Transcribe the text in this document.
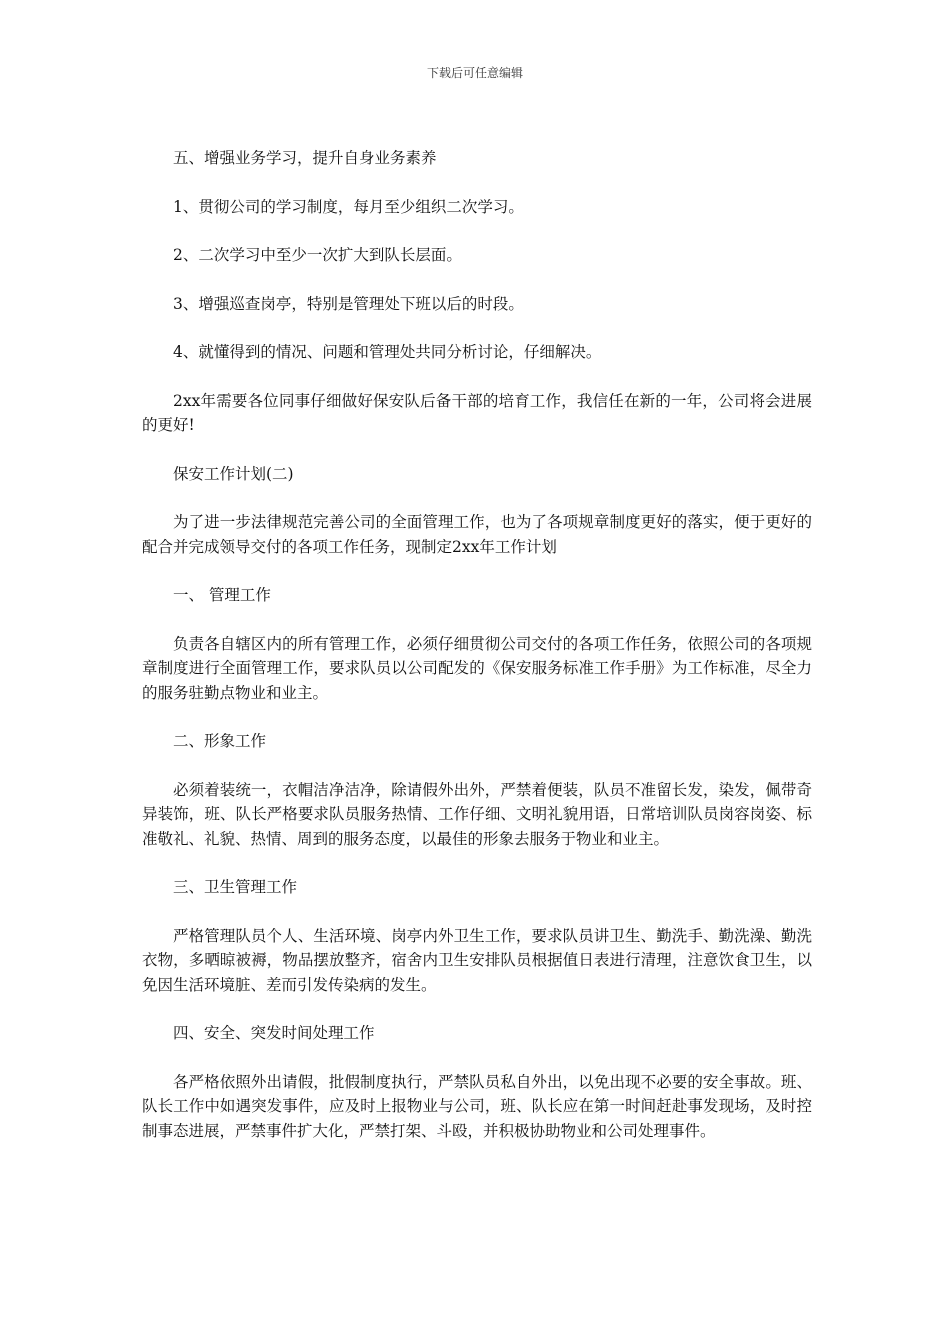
下载后可任意编辑

五、增强业务学习，提升自身业务素养

1、贯彻公司的学习制度，每月至少组织二次学习。

2、二次学习中至少一次扩大到队长层面。

3、增强巡查岗亭，特别是管理处下班以后的时段。

4、就懂得到的情况、问题和管理处共同分析讨论，仔细解决。

2xx年需要各位同事仔细做好保安队后备干部的培育工作，我信任在新的一年，公司将会进展的更好!

保安工作计划(二)

为了进一步法律规范完善公司的全面管理工作，也为了各项规章制度更好的落实，便于更好的配合并完成领导交付的各项工作任务，现制定2xx年工作计划

一、 管理工作

负责各自辖区内的所有管理工作，必须仔细贯彻公司交付的各项工作任务，依照公司的各项规章制度进行全面管理工作，要求队员以公司配发的《保安服务标准工作手册》为工作标准，尽全力的服务驻勤点物业和业主。

二、形象工作

必须着装统一，衣帽洁净洁净，除请假外出外，严禁着便装，队员不准留长发，染发，佩带奇异装饰，班、队长严格要求队员服务热情、工作仔细、文明礼貌用语，日常培训队员岗容岗姿、标准敬礼、礼貌、热情、周到的服务态度，以最佳的形象去服务于物业和业主。

三、卫生管理工作

严格管理队员个人、生活环境、岗亭内外卫生工作，要求队员讲卫生、勤洗手、勤洗澡、勤洗衣物，多晒晾被褥，物品摆放整齐，宿舍内卫生安排队员根据值日表进行清理，注意饮食卫生，以免因生活环境脏、差而引发传染病的发生。

四、安全、突发时间处理工作

各严格依照外出请假，批假制度执行，严禁队员私自外出，以免出现不必要的安全事故。班、队长工作中如遇突发事件，应及时上报物业与公司，班、队长应在第一时间赶赴事发现场，及时控制事态进展，严禁事件扩大化，严禁打架、斗殴，并积极协助物业和公司处理事件。
